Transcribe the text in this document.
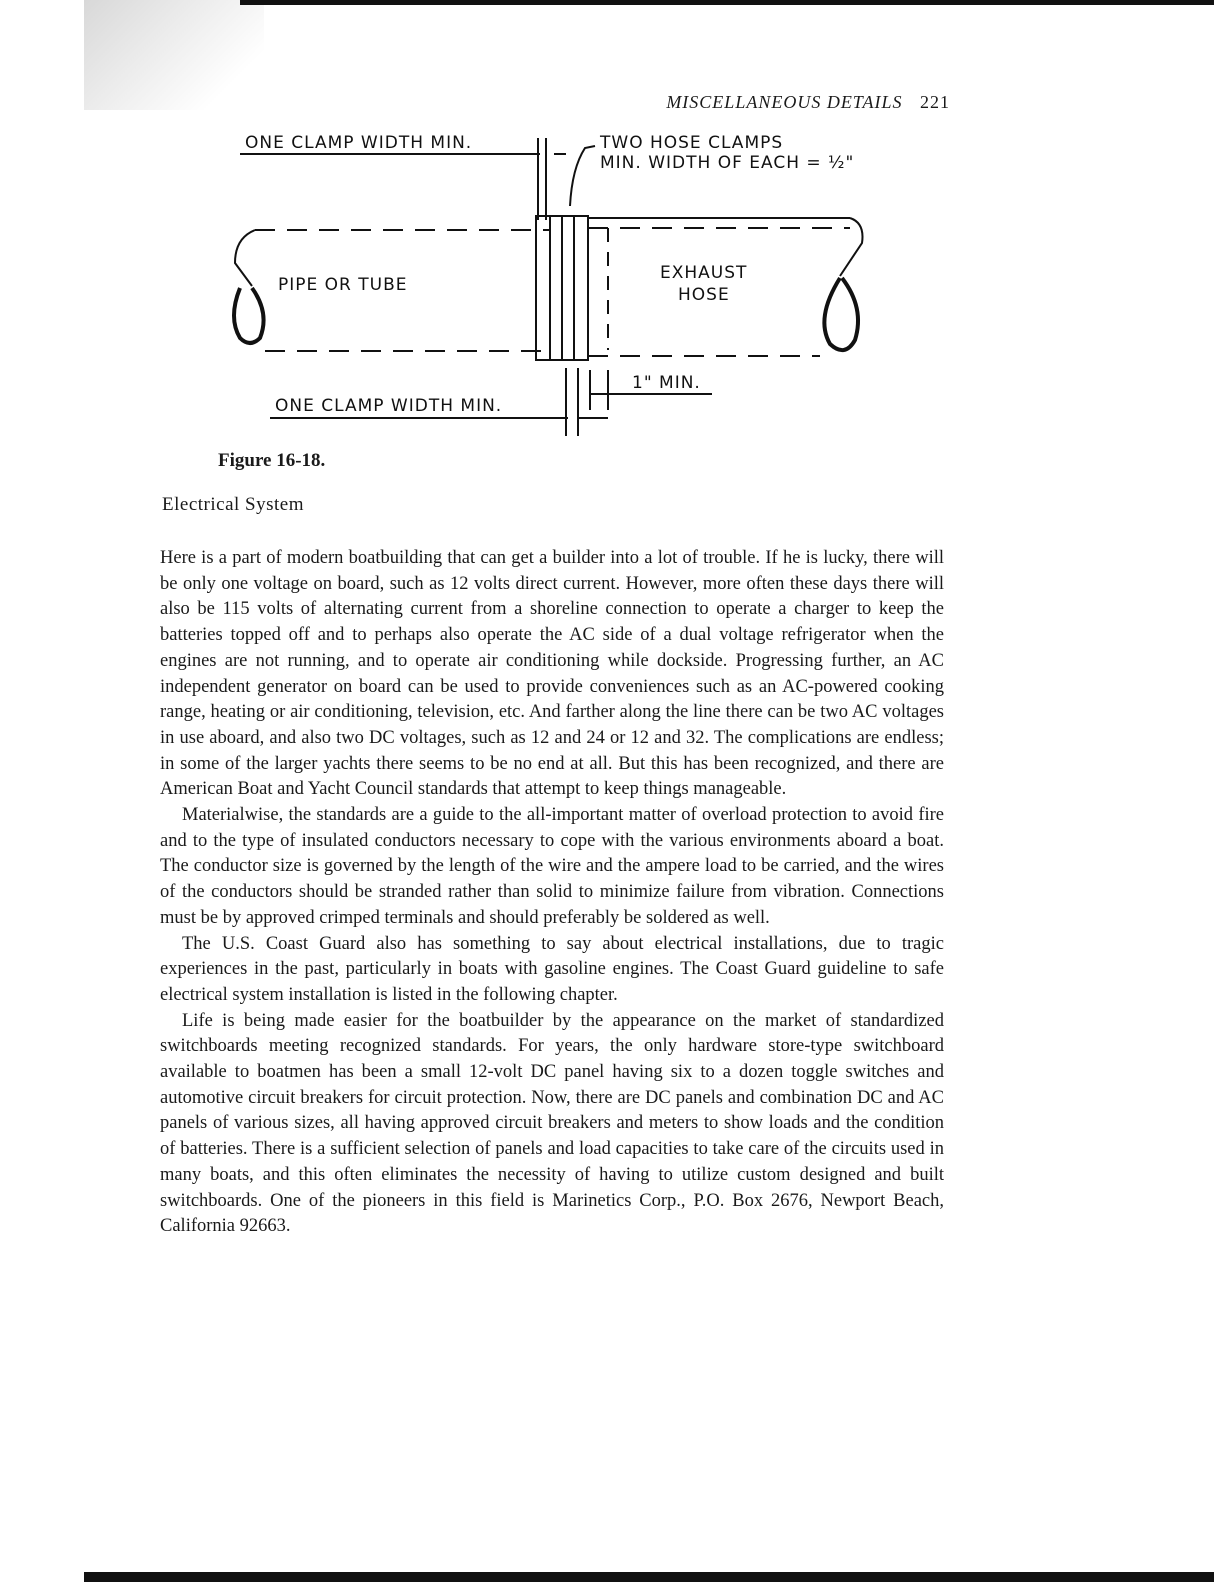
MISCELLANEOUS DETAILS 221
ONE CLAMP WIDTH MIN.	TWO HOSE CLAMPS
MIN. WIDTH OF EACH = ½"
PIPE OR TUBE
EXHAUST
HOSE
ONE CLAMP WIDTH MIN.
1" MIN.
Figure 16-18.
Electrical System

Here is a part of modern boatbuilding that can get a builder into a lot of trouble. If he is lucky, there will be only one voltage on board, such as 12 volts direct current. However, more often these days there will also be 115 volts of alternating current from a shoreline connection to operate a charger to keep the batteries topped off and to perhaps also operate the AC side of a dual voltage refrigerator when the engines are not running, and to operate air conditioning while dockside. Progressing further, an AC independent generator on board can be used to provide conveniences such as an AC-powered cooking range, heating or air conditioning, television, etc. And farther along the line there can be two AC voltages in use aboard, and also two DC voltages, such as 12 and 24 or 12 and 32. The complications are endless; in some of the larger yachts there seems to be no end at all. But this has been recognized, and there are American Boat and Yacht Council standards that attempt to keep things manageable.

Materialwise, the standards are a guide to the all-important matter of overload protection to avoid fire and to the type of insulated conductors necessary to cope with the various environments aboard a boat. The conductor size is governed by the length of the wire and the ampere load to be carried, and the wires of the conductors should be stranded rather than solid to minimize failure from vibration. Connections must be by approved crimped terminals and should preferably be soldered as well.

The U.S. Coast Guard also has something to say about electrical installations, due to tragic experiences in the past, particularly in boats with gasoline engines. The Coast Guard guideline to safe electrical system installation is listed in the following chapter.

Life is being made easier for the boatbuilder by the appearance on the market of standardized switchboards meeting recognized standards. For years, the only hardware store-type switchboard available to boatmen has been a small 12-volt DC panel having six to a dozen toggle switches and automotive circuit breakers for circuit protection. Now, there are DC panels and combination DC and AC panels of various sizes, all having approved circuit breakers and meters to show loads and the condition of batteries. There is a sufficient selection of panels and load capacities to take care of the circuits used in many boats, and this often eliminates the necessity of having to utilize custom designed and built switchboards. One of the pioneers in this field is Marinetics Corp., P.O. Box 2676, Newport Beach, California 92663.
